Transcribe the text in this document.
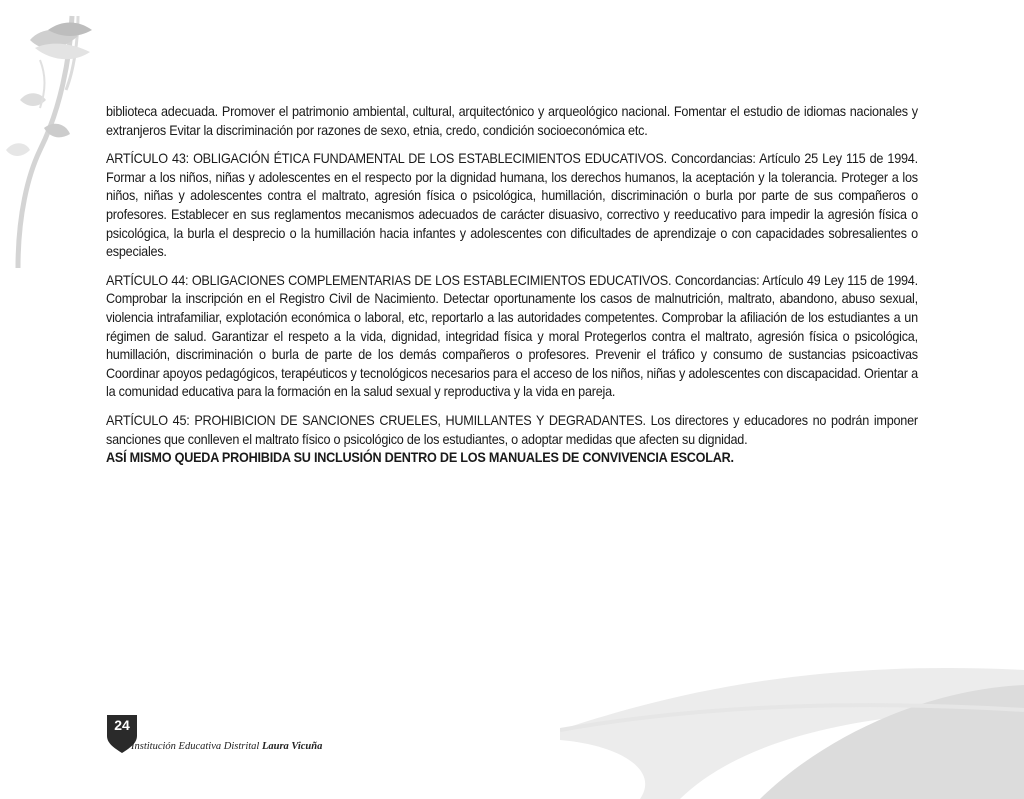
biblioteca adecuada. Promover el patrimonio ambiental, cultural, arquitectónico y arqueológico nacional. Fomentar el estudio de idiomas nacionales y extranjeros Evitar la discriminación por razones de sexo, etnia, credo, condición socioeconómica etc.

ARTÍCULO 43: OBLIGACIÓN ÉTICA FUNDAMENTAL DE LOS ESTABLECIMIENTOS EDUCATIVOS. Concordancias: Artículo 25 Ley 115 de 1994. Formar a los niños, niñas y adolescentes en el respecto por la dignidad humana, los derechos humanos, la aceptación y la tolerancia. Proteger a los niños, niñas y adolescentes contra el maltrato, agresión física o psicológica, humillación, discriminación o burla por parte de sus compañeros o profesores. Establecer en sus reglamentos mecanismos adecuados de carácter disuasivo, correctivo y reeducativo para impedir la agresión física o psicológica, la burla el desprecio o la humillación hacia infantes y adolescentes con dificultades de aprendizaje o con capacidades sobresalientes o especiales.

ARTÍCULO 44: OBLIGACIONES COMPLEMENTARIAS DE LOS ESTABLECIMIENTOS EDUCATIVOS. Concordancias: Artículo 49 Ley 115 de 1994. Comprobar la inscripción en el Registro Civil de Nacimiento. Detectar oportunamente los casos de malnutrición, maltrato, abandono, abuso sexual, violencia intrafamiliar, explotación económica o laboral, etc, reportarlo a las autoridades competentes. Comprobar la afiliación de los estudiantes a un régimen de salud. Garantizar el respeto a la vida, dignidad, integridad física y moral Protegerlos contra el maltrato, agresión física o psicológica, humillación, discriminación o burla de parte de los demás compañeros o profesores. Prevenir el tráfico y consumo de sustancias psicoactivas Coordinar apoyos pedagógicos, terapéuticos y tecnológicos necesarios para el acceso de los niños, niñas y adolescentes con discapacidad. Orientar a la comunidad educativa para la formación en la salud sexual y reproductiva y la vida en pareja.

ARTÍCULO 45: PROHIBICION DE SANCIONES CRUELES, HUMILLANTES Y DEGRADANTES. Los directores y educadores no podrán imponer sanciones que conlleven el maltrato físico o psicológico de los estudiantes, o adoptar medidas que afecten su dignidad.

ASÍ MISMO QUEDA PROHIBIDA SU INCLUSIÓN DENTRO DE LOS MANUALES DE CONVIVENCIA ESCOLAR.

24
Institución Educativa Distrital Laura Vicuña
